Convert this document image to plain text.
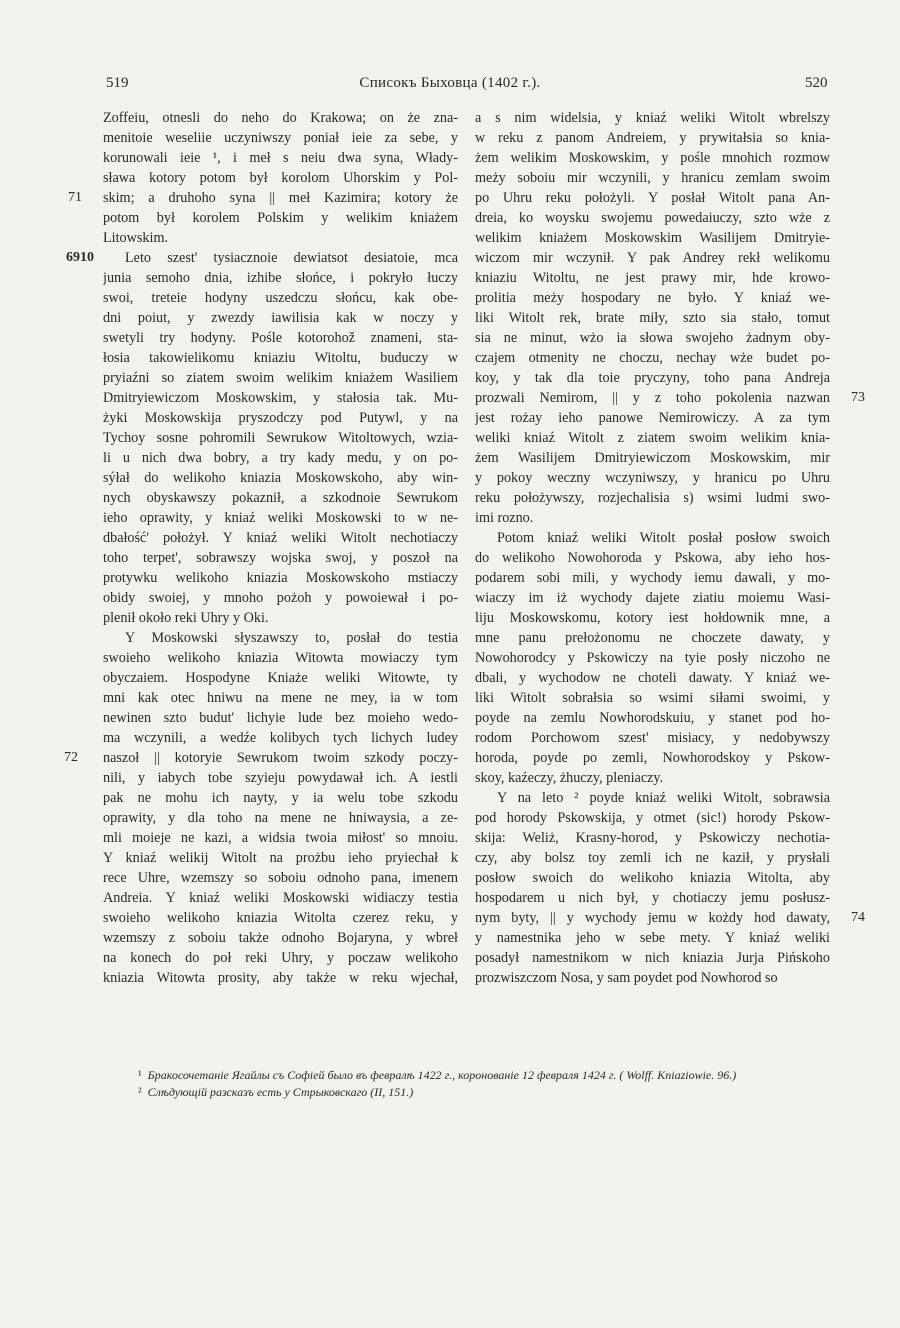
519	Списокъ Быховца (1402 г.).	520
Zoffeiu, otnesli do neho do Krakowa; on że zna-
menitoie weseliie uczyniwszy poniał ieie za sebe, y
korunowali ieie ¹, i meł s neiu dwa syna, Włady-
sława kotory potom był korolom Uhorskim y Pol-
skim; a druhoho syna || meł Kazimira; kotory że
potom był korolem Polskim y welikim kniażem
Litowskim.
Leto szest' tysiacznoie dewiatsot desiatoie, mca
junia semoho dnia, izhibe słońce, i pokryło łuczy
swoi, treteie hodyny uszedczu słońcu, kak obe-
dni poiut, y zwezdy iawilisia kak w noczy y
swetyli try hodyny. Pośle kotorohož znameni, sta-
łosia takowielikomu kniaziu Witoltu, buduczy w
pryiaźni so ziatem swoim welikim kniażem Wasiliem
Dmitryiewiczom Moskowskim, y stałosia tak. Mu-
żyki Moskowskija pryszodczy pod Putywl, y na
Tychoy sosne pohromili Sewrukow Witoltowych, wzia-
li u nich dwa bobry, a try kady medu, y on po-
sýłał do welikoho kniazia Moskowskoho, aby win-
nych obyskawszy pokaznił, a szkodnoie Sewrukom
ieho oprawity, y kniaź weliki Moskowski to w ne-
dbałość' położył. Y kniaź weliki Witolt nechotiaczy
toho terpet', sobrawszy wojska swoj, y poszoł na
protywku welikoho kniazia Moskowskoho mstiaczy
obidy swoiej, y mnoho pożoh y powoiewał i po-
plenił około reki Uhry y Oki.
Y Moskowski słyszawszy to, posłał do testia
swoieho welikoho kniazia Witowta mowiaczy tym
obyczaiem. Hospodyne Kniaże weliki Witowte, ty
mni kak otec hniwu na mene ne mey, ia w tom
newinen szto budut' lichyie lude bez moieho wedo-
ma wczynili, a wedźe kolibych tych lichych ludey
naszoł || kotoryie Sewrukom twoim szkody poczy-
nili, y iabych tobe szyieju powydawał ich. A iestli
pak ne mohu ich nayty, y ia welu tobe szkodu
oprawity, y dla toho na mene ne hniwaysia, a ze-
mli moieje ne kazi, a widsia twoia miłost' so mnoiu.
Y kniaź welikij Witolt na prożbu ieho pryiechał k
rece Uhre, wzemszy so soboiu odnoho pana, imenem
Andreia. Y kniaź weliki Moskowski widiaczy testia
swoieho welikoho kniazia Witolta czerez reku, y
wzemszy z soboiu także odnoho Bojaryna, y wbreł
na konech do poł reki Uhry, y poczaw welikoho
kniazia Witowta prosity, aby także w reku wjechał,
a s nim widelsia, y kniaź weliki Witolt wbrelszy
w reku z panom Andreiem, y prywitałsia so knia-
żem welikim Moskowskim, y pośle mnohich rozmow
meży soboiu mir wczynili, y hranicu zemlam swoim
po Uhru reku położyli. Y posłał Witolt pana An-
dreia, ko woysku swojemu powedaiuczy, szto wże z
welikim kniażem Moskowskim Wasilijem Dmitryie-
wiczom mir wczynił. Y pak Andrey rekł welikomu
kniaziu Witoltu, ne jest prawy mir, hde krowo-
prolitia meży hospodary ne było. Y kniaź we-
liki Witolt rek, brate miły, szto sia stało, tomut
sia ne minut, wżo ia słowa swojeho żadnym oby-
czajem otmenity ne choczu, nechay wże budet po-
koy, y tak dla toie pryczyny, toho pana Andreja
prozwali Nemirom, || y z toho pokolenia nazwan
jest rożay ieho panowe Nemirowiczy. A za tym
weliki kniaź Witolt z ziatem swoim welikim knia-
żem Wasilijem Dmitryiewiczom Moskowskim, mir
y pokoy weczny wczyniwszy, y hranicu po Uhru
reku położywszy, rozjechalisia s) wsimi ludmi swo-
imi rozno.
Potom kniaź weliki Witolt posłał posłow swoich
do welikoho Nowohoroda y Pskowa, aby ieho hos-
podarem sobi mili, y wychody iemu dawali, y mo-
wiaczy im iż wychody dajete ziatiu moiemu Wasi-
liju Moskowskomu, kotory iest hołdownik mne, a
mne panu prełożonomu ne choczete dawaty, y
Nowohorodcy y Pskowiczy na tyie posły niczoho ne
dbali, y wychodow ne choteli dawaty. Y kniaź we-
liki Witolt sobrałsia so wsimi siłami swoimi, y
poyde na zemlu Nowhorodskuiu, y stanet pod ho-
rodom Porchowom szest' misiacy, y nedobywszy
horoda, poyde po zemli, Nowhorodskoy y Pskow-
skoy, kaźeczy, żhuczy, pleniaczy.
Y na leto ² poyde kniaź weliki Witolt, sobrawsia
pod horody Pskowskija, y otmet (sic!) horody Pskow-
skija: Weliż, Krasny-horod, y Pskowiczy nechotia-
czy, aby bolsz toy zemli ich ne kaził, y prysłali
posłow swoich do welikoho kniazia Witolta, aby
hospodarem u nich był, y chotiaczy jemu posłusz-
nym byty, || y wychody jemu w kożdy hod dawaty,
y namestnika jeho w sebe mety. Y kniaź weliki
posadył namestnikom w nich kniazia Jurja Pińskoho
prozwiszczom Nosa, y sam poydet pod Nowhorod so
71
6910
72
73
74
¹ Бракосочетаніе Ягайлы съ Софіей было въ февралѣ 1422 г., коронованіе 12 февраля 1424 г. ( Wolff. Kniaziowie. 96.)
² Слѣдующій разсказъ есть у Стрыковскаго (II, 151.)
